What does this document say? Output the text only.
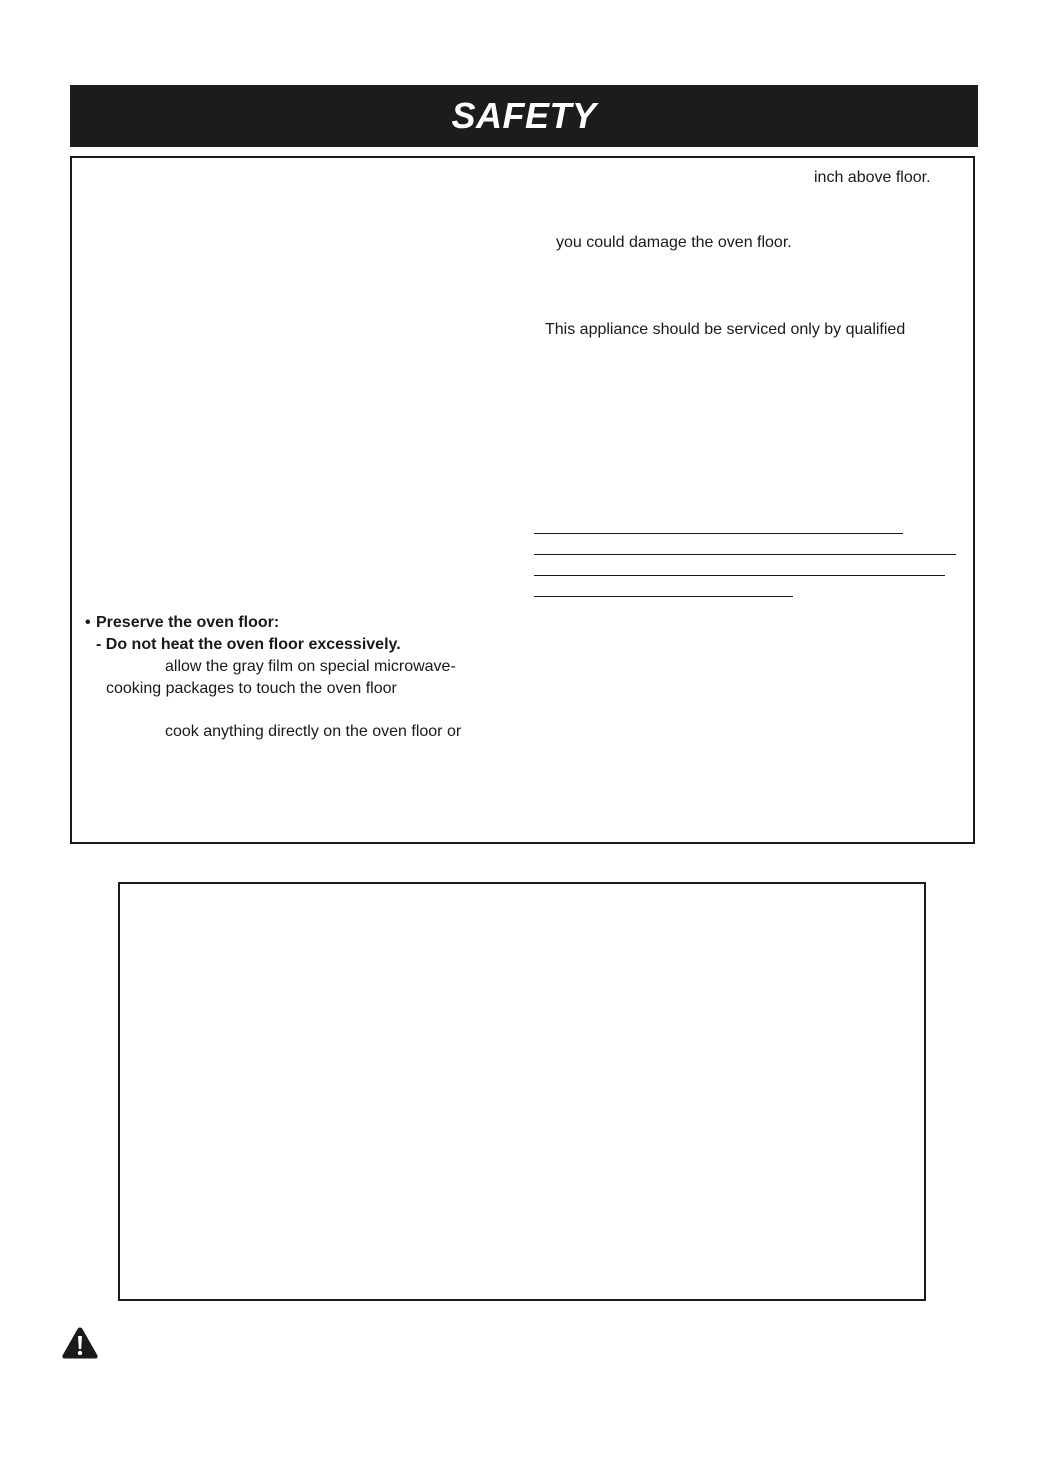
SAFETY
inch above floor.
you could damage the oven floor.
This appliance should be serviced only by qualified
• Preserve the oven floor:
- Do not heat the oven floor excessively.
allow the gray film on special microwave-
cooking packages to touch the oven floor
cook anything directly on the oven floor or
